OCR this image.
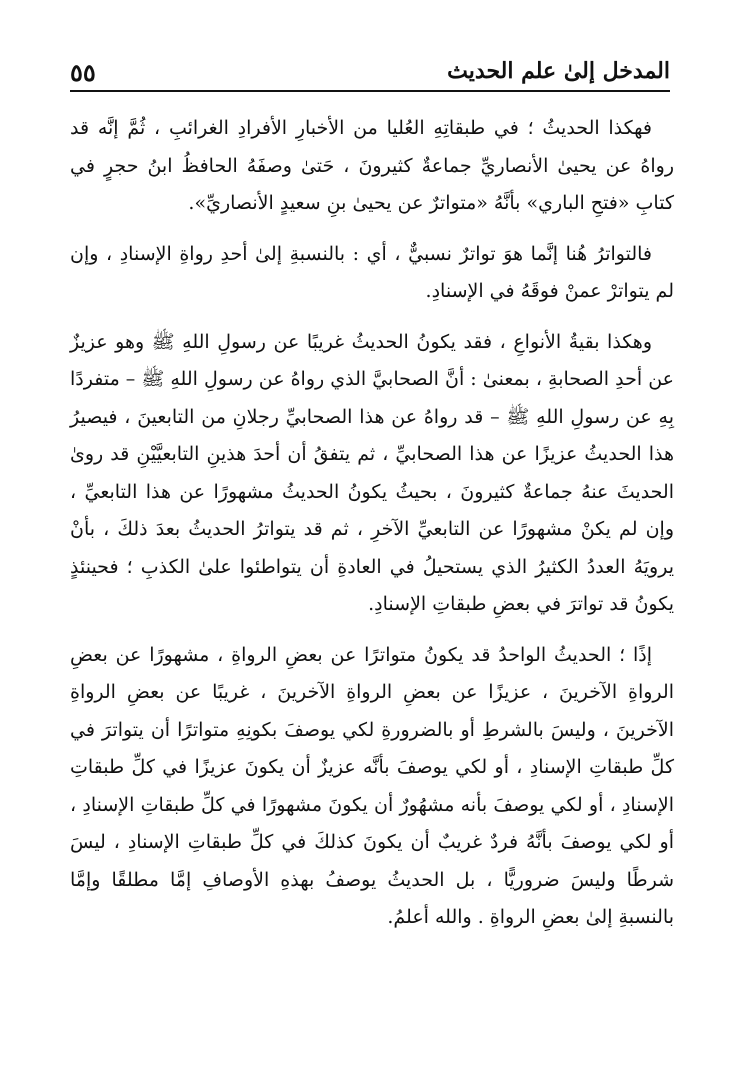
٥٥	المدخل إلىٰ علم الحديث

فهكذا الحديثُ ؛ في طبقاتِهِ العُليا من الأخبارِ الأفرادِ الغرائبِ ، ثُمَّ إنَّه قد رواهُ عن يحيىٰ الأنصاريِّ جماعةٌ كثيرونَ ، حَتىٰ وصفَهُ الحافظُ ابنُ حجرٍ في كتابِ «فتحِ الباري» بأنَّهُ «متواترٌ عن يحيىٰ بنِ سعيدٍ الأنصاريِّ».

فالتواترُ هُنا إنَّما هوَ تواترٌ نسبيٌّ ، أي : بالنسبةِ إلىٰ أحدِ رواةِ الإسنادِ ، وإن لم يتواترْ عمنْ فوقَهُ في الإسنادِ.

وهكذا بقيةُ الأنواعِ ، فقد يكونُ الحديثُ غريبًا عن رسولِ اللهِ ﷺ وهو عزيزٌ عن أحدِ الصحابةِ ، بمعنىٰ : أنَّ الصحابيَّ الذي رواهُ عن رسولِ اللهِ ﷺ – متفردًا بِهِ عن رسولِ اللهِ ﷺ – قد رواهُ عن هذا الصحابيِّ رجلانِ من التابعينَ ، فيصيرُ هذا الحديثُ عزيزًا عن هذا الصحابيِّ ، ثم يتفقُ أن أحدَ هذينِ التابعيَّيْنِ قد روىٰ الحديثَ عنهُ جماعةٌ كثيرونَ ، بحيثُ يكونُ الحديثُ مشهورًا عن هذا التابعيِّ ، وإن لم يكنْ مشهورًا عن التابعيِّ الآخرِ ، ثم قد يتواترُ الحديثُ بعدَ ذلكَ ، بأنْ يرويَهُ العددُ الكثيرُ الذي يستحيلُ في العادةِ أن يتواطئوا علىٰ الكذبِ ؛ فحينئذٍ يكونُ قد تواترَ في بعضِ طبقاتِ الإسنادِ.

إذًا ؛ الحديثُ الواحدُ قد يكونُ متواترًا عن بعضِ الرواةِ ، مشهورًا عن بعضِ الرواةِ الآخرينَ ، عزيزًا عن بعضِ الرواةِ الآخرينَ ، غريبًا عن بعضِ الرواةِ الآخرينَ ، وليسَ بالشرطِ أو بالضرورةِ لكي يوصفَ بكونِهِ متواترًا أن يتواترَ في كلِّ طبقاتِ الإسنادِ ، أو لكي يوصفَ بأنَّه عزيزٌ أن يكونَ عزيزًا في كلِّ طبقاتِ الإسنادِ ، أو لكي يوصفَ بأنه مشهُورٌ أن يكونَ مشهورًا في كلِّ طبقاتِ الإسنادِ ، أو لكي يوصفَ بأنَّهُ فردٌ غريبٌ أن يكونَ كذلكَ في كلِّ طبقاتِ الإسنادِ ، ليسَ شرطًا وليسَ ضروريًّا ، بل الحديثُ يوصفُ بهذهِ الأوصافِ إمَّا مطلقًا وإمَّا بالنسبةِ إلىٰ بعضِ الرواةِ . والله أعلمُ.
